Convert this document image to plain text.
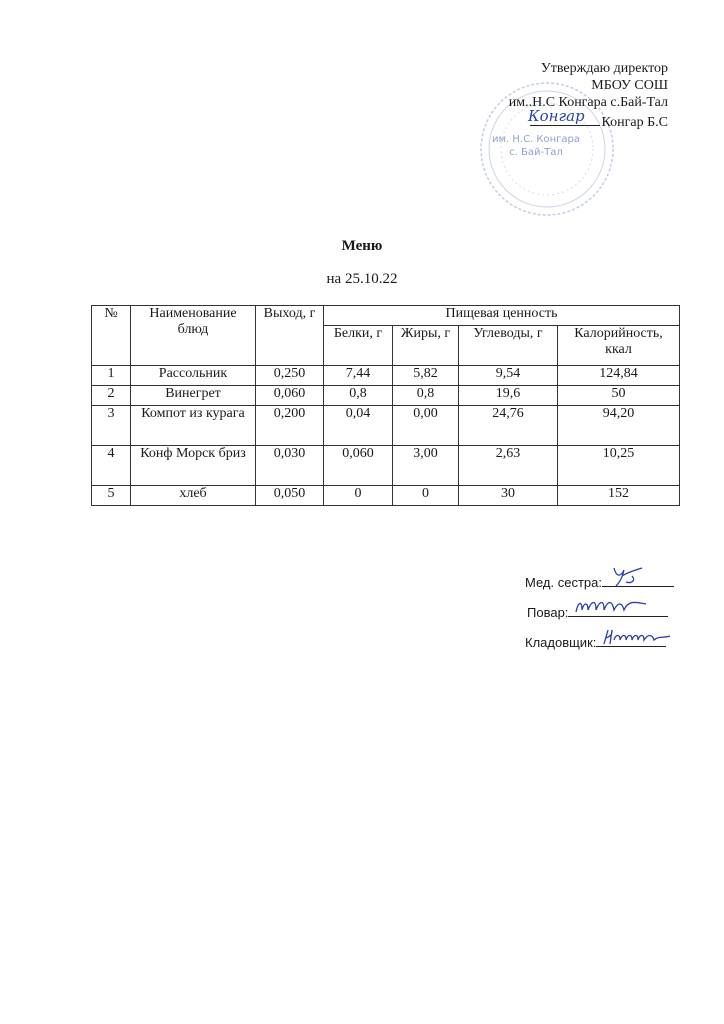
им. Н.С. Конгара
с. Бай-Тал
Утверждаю директор
МБОУ СОШ
им..Н.С Конгара с.Бай-Тал
Конгар Конгар Б.С
Меню
на 25.10.22
№	Наименование блюд	Выход, г	Пищевая ценность			
			Белки, г	Жиры, г	Углеводы, г	Калорийность, ккал
1	Рассольник	0,250	7,44	5,82	9,54	124,84
2	Винегрет	0,060	0,8	0,8	19,6	50
3	Компот из курага	0,200	0,04	0,00	24,76	94,20
4	Конф Морск бриз	0,030	0,060	3,00	2,63	10,25
5	хлеб	0,050	0	0	30	152
Мед. сестра:
Повар:
Кладовщик:
